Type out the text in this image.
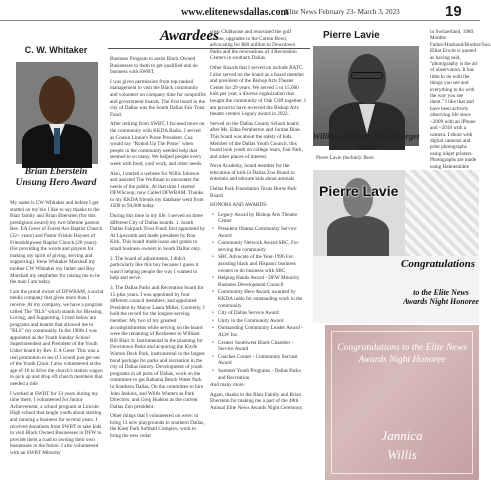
www.elitenewsdallas.com
Elite News February 23- March 3, 2023	19
Awardees
C. W. Whitaker
Brian Eberstein Unsung Hero Award

My name is CW Whitaker and before I get started on my bio I like to say thanks to the Blair family and Brian Eberstien (for this prestigious award) my two-lifetime pastors Rev. EA Greer of Forest Ave Baptist Church (32+ years) and Pastor Frisbie Haynes of Friendshipwest Baptist Church (28 years) (for providing the words and prayers for making my spirit of giving, serving and supporting). Irene Whitaker Marshall my mother CW Whitaker my father and Roy Marshall my stepfather for raising me to be the man I am today.

I am the proud owner of DFWBAM, a social media company that gives more than I receive. At my company, we have a program called The "BLS" which stands for Blessing, Loving, and Supporting. I tried below are programs and boards that allowed me to "BLS" my community. In the 1960s I was appointed as the Youth Sunday School Superintendent and President of the Youth Usher board by Rev. E A Greer. This was a real promotion to me if I would just get out of the Youth Choir. I also volunteered at the age of 16 to drive the church's station wagon to pick up and drop off church members that needed a ride.

I worked at SWBT for 33 years during my time there, I volunteered for Junior Achievement, a school program at Lincoln High school that taught youth about starting and running a business for several years. I received donations from SWBT to take kids to visit Black Owned Businesses in DFW to provide them a road to owning their own businesses in the future. I also volunteered with an SWBT Minority

Business Program to assist Black Owned Businesses to them to get qualified and do business with SWBT.

I was given permission from top-ranked management to visit the Black community and volunteer on company time for nonprofits and government boards. The first board in the city of Dallas was the South Dallas Fair Trust Fund.

After retiring from SWBT, I focused more on the community with KKDA Radio. I served as Cousin Linnie's Posse President. Cuz would say "Round Up The Posse" when people in the community needed help that seemed to so many. We helped people every week with food, yard work, and other needs.

Also, I started a website for Willis Johnson and assisted The Wolfman to encounter the needs of the public. At that time I started DFWScoop, now Called DFWBAM. Thanks to my KKDA friends my database went from 1500 to 94,000 today.

During this time in my life, I served on three different City of Dallas boards. 1. South Dallas Fairpark Trust Fund, first appointed by Al Lipscomb and made president by Ron Kirk. This board made loans and grants to small business owners in South Dallas only.

2. The board of adjustments, I didn't particularly like this boy because I guess it wasn't helping people the way I wanted to help and serve.

3. The Dallas Parks and Recreation board for 15-plus years. I was appointed by four different council members, and appointed President by Mayor Laura Miller. Currently, I hold the record for the longest-serving member. My two of my greatest accomplishments while serving on the board were the renaming of Rochester to William Bill Blair Jr. Instrumental in the planning for Downtown Parks and acquiring the Klyde Warren Deck Park, instrumental in the largest bond package for parks and recreation in the city of Dallas history. Development of youth programs in all parts of Dallas, work on the committee to get Bahama Beach Water Park in Southern Dallas. On the committee to hire John Jenkins, and Willis Winters as Park Directors, and Greg Hudson as the current Dallas Zoo president.

Other things that I volunteered on were: to bring 13 new playgrounds to southern Dallas, the Kiest Park Softball Complex, work to bring the new cedar

crest Clubhouse and renovated the golf course, upgrades to the Cotton Bowl, advocating for $80 million to Downtown Parks and the renovations of 4 Recreation Centers in southern Dallas.

Other Boards that I served on include BATC. I also served on the board as a board member and president of the Bishop Arts Theater Center for 29 years. We served 5 to 15,000 kids per year, a diverse organization that bought the community of Oak Cliff together. I am proud to have received the Bishop Arts theater centers Legacy award in 2022.

Served on the Dallas County School board, after Ms. Edna Pemberton and Jordan Blair. This board was about the safety of kids. Member of the Dallas Youth Council, this board took youth on college tours, Fair Park, and other places of interest.

Nova Academy, board member for the education of kids in Dallas Zoo Board to entertain and educate kids about animals

Dallas Park Foundation Texas Horse Park Board

HONORS AND AWARDS:

• Legacy Award by Bishop Arts Theatre Center
• President Obama Community Service Award
• Community Network Award-SBC, For serving the community
• SBC Advocate of the Year-1996 For assisting black and Hispanic business owners to do business with SBC
• Helping Hands Award - DFW Minority Business Development Council
• Community Hero Award, awarded by KKDA radio for outstanding work in the community
• City of Dallas Service Award
• Unity in the Community Award
• Outstanding Community Leader Award - ALW Inc.
• Greater Southwest Black Chamber - Service Award
• Coaches Corner - Community Servant Award
• Summer Youth Programs - Dallas Parks and Recreation

And many more.

Again, thanks to the Blair Family and Brian Eberstein for making me a part of the 48th Annual Elite News Awards Night Ceremony.

Pierre Lavie
William Blair Jr. Don't Forget Award
in Switzerland, 1980. Months Father/Husband/Brother/Son. Elliot Erwitt is quoted as having said, "photography is the art of observation. It has little to do with the things you see and everything to do with the way you see them." I like that and have been actively observing life since ~2009 with an iPhone and ~2018 with a camera. I shoot with digital cameras and print photographs using inkjet printers. Photographs are made using Hahnemühle
Pierre Lavie (he/him): Born
Pierre Lavie
Congratulations
to the Elite News Awards Night Honoree
Congratulations to the Elite News Awards Night Honoree
Jannica
Willis
